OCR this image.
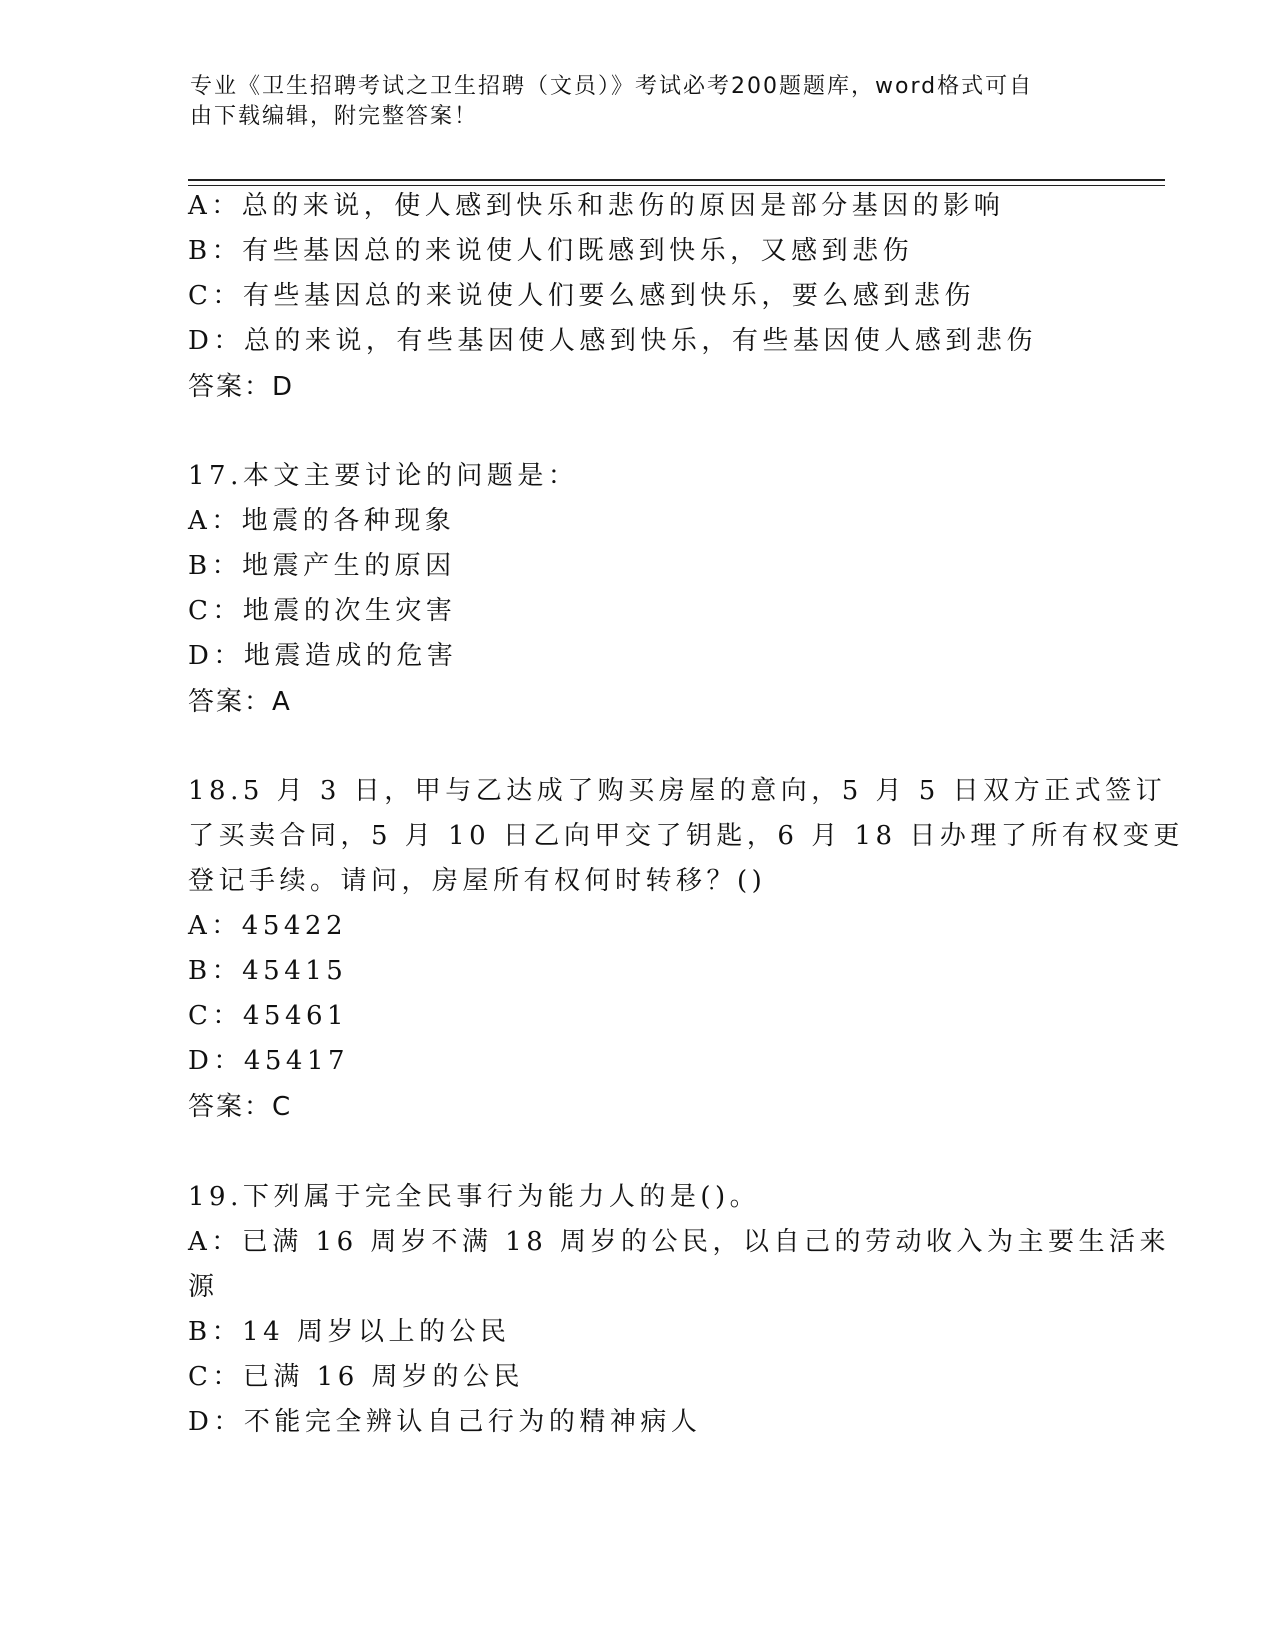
专业《卫生招聘考试之卫生招聘（文员）》考试必考200题题库，word格式可自
由下载编辑，附完整答案！
A：总的来说，使人感到快乐和悲伤的原因是部分基因的影响
B：有些基因总的来说使人们既感到快乐，又感到悲伤
C：有些基因总的来说使人们要么感到快乐，要么感到悲伤
D：总的来说，有些基因使人感到快乐，有些基因使人感到悲伤
答案：D
17.本文主要讨论的问题是：
A：地震的各种现象
B：地震产生的原因
C：地震的次生灾害
D：地震造成的危害
答案：A
18.5 月 3 日，甲与乙达成了购买房屋的意向，5 月 5 日双方正式签订
了买卖合同，5 月 10 日乙向甲交了钥匙，6 月 18 日办理了所有权变更
登记手续。请问，房屋所有权何时转移？()
A：45422
B：45415
C：45461
D：45417
答案：C
19.下列属于完全民事行为能力人的是()。
A：已满 16 周岁不满 18 周岁的公民，以自己的劳动收入为主要生活来
源
B：14 周岁以上的公民
C：已满 16 周岁的公民
D：不能完全辨认自己行为的精神病人
